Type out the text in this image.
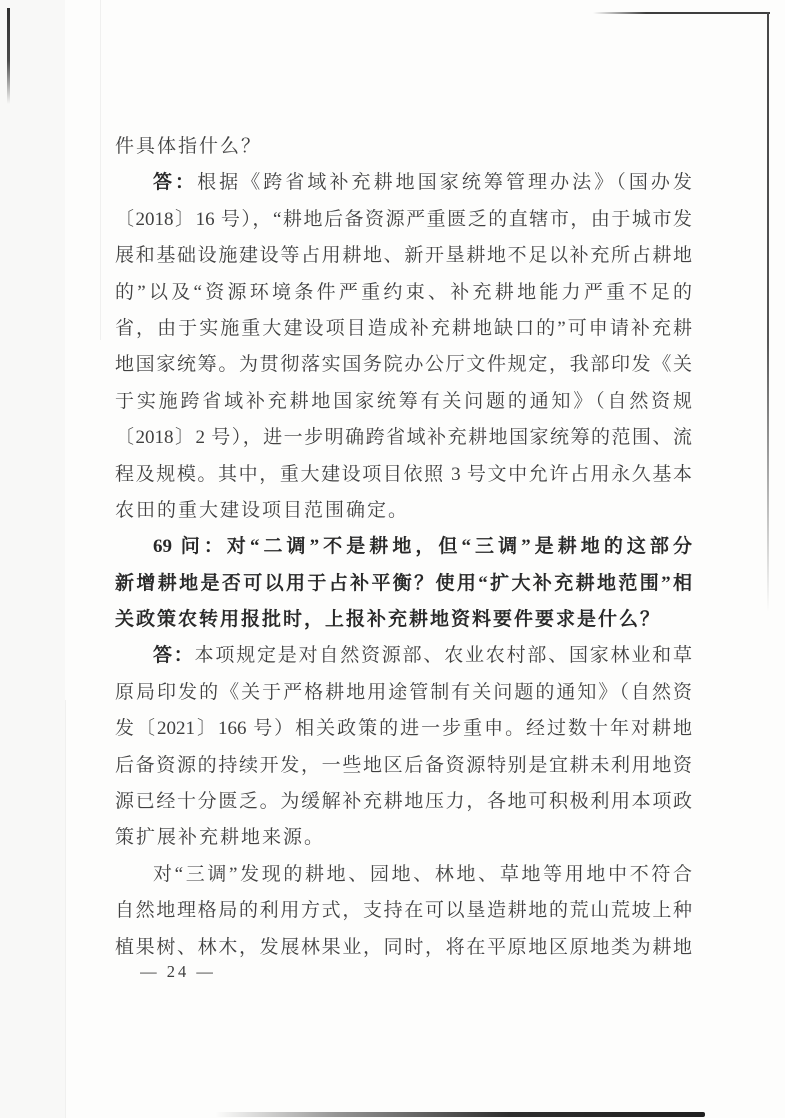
件具体指什么？
答：根据《跨省域补充耕地国家统筹管理办法》（国办发
〔2018〕16 号），“耕地后备资源严重匮乏的直辖市，由于城市发
展和基础设施建设等占用耕地、新开垦耕地不足以补充所占耕地
的”以及“资源环境条件严重约束、补充耕地能力严重不足的
省，由于实施重大建设项目造成补充耕地缺口的”可申请补充耕
地国家统筹。为贯彻落实国务院办公厅文件规定，我部印发《关
于实施跨省域补充耕地国家统筹有关问题的通知》（自然资规
〔2018〕2 号），进一步明确跨省域补充耕地国家统筹的范围、流
程及规模。其中，重大建设项目依照 3 号文中允许占用永久基本
农田的重大建设项目范围确定。
69 问：对“二调”不是耕地，但“三调”是耕地的这部分
新增耕地是否可以用于占补平衡？使用“扩大补充耕地范围”相
关政策农转用报批时，上报补充耕地资料要件要求是什么？
答：本项规定是对自然资源部、农业农村部、国家林业和草
原局印发的《关于严格耕地用途管制有关问题的通知》（自然资
发〔2021〕166 号）相关政策的进一步重申。经过数十年对耕地
后备资源的持续开发，一些地区后备资源特别是宜耕未利用地资
源已经十分匮乏。为缓解补充耕地压力，各地可积极利用本项政
策扩展补充耕地来源。
对“三调”发现的耕地、园地、林地、草地等用地中不符合
自然地理格局的利用方式，支持在可以垦造耕地的荒山荒坡上种
植果树、林木，发展林果业，同时，将在平原地区原地类为耕地
— 24 —
